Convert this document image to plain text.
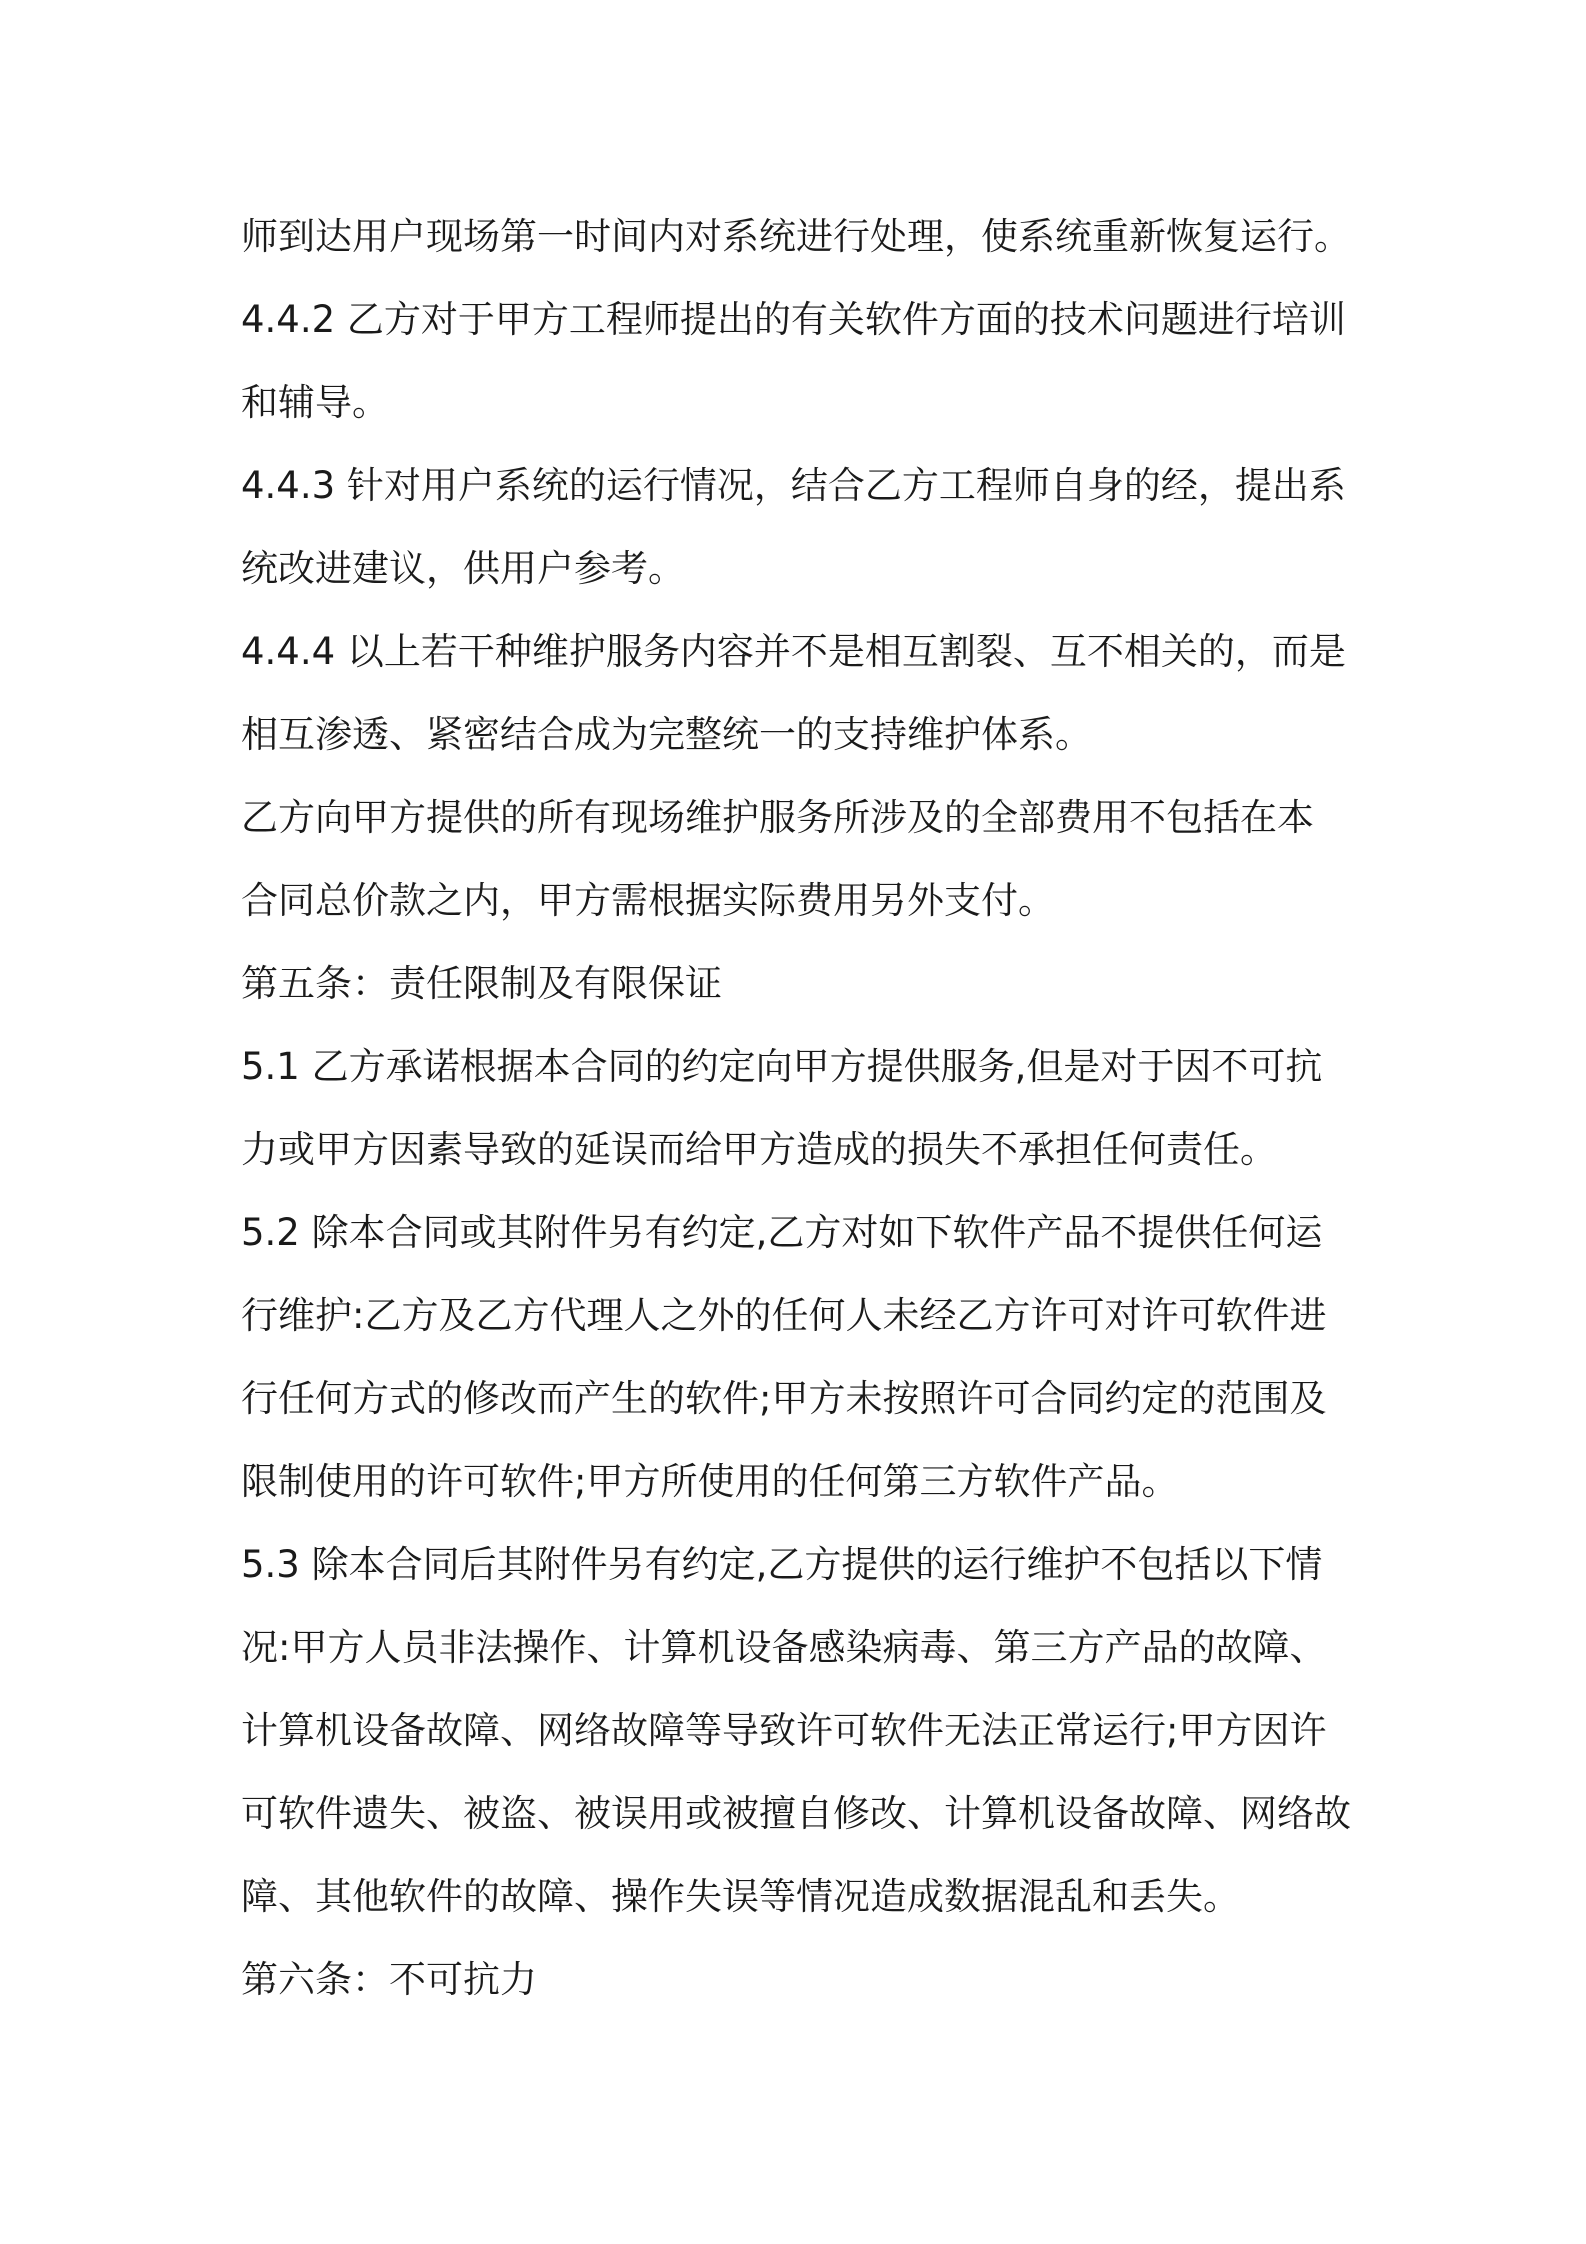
师到达用户现场第一时间内对系统进行处理，使系统重新恢复运行。
4.4.2 乙方对于甲方工程师提出的有关软件方面的技术问题进行培训
和辅导。
4.4.3 针对用户系统的运行情况，结合乙方工程师自身的经，提出系
统改进建议，供用户参考。
4.4.4 以上若干种维护服务内容并不是相互割裂、互不相关的，而是
相互渗透、紧密结合成为完整统一的支持维护体系。
乙方向甲方提供的所有现场维护服务所涉及的全部费用不包括在本
合同总价款之内，甲方需根据实际费用另外支付。
第五条：责任限制及有限保证
5.1 乙方承诺根据本合同的约定向甲方提供服务,但是对于因不可抗
力或甲方因素导致的延误而给甲方造成的损失不承担任何责任。
5.2 除本合同或其附件另有约定,乙方对如下软件产品不提供任何运
行维护:乙方及乙方代理人之外的任何人未经乙方许可对许可软件进
行任何方式的修改而产生的软件;甲方未按照许可合同约定的范围及
限制使用的许可软件;甲方所使用的任何第三方软件产品。
5.3 除本合同后其附件另有约定,乙方提供的运行维护不包括以下情
况:甲方人员非法操作、计算机设备感染病毒、第三方产品的故障、
计算机设备故障、网络故障等导致许可软件无法正常运行;甲方因许
可软件遗失、被盗、被误用或被擅自修改、计算机设备故障、网络故
障、其他软件的故障、操作失误等情况造成数据混乱和丢失。
第六条：不可抗力
